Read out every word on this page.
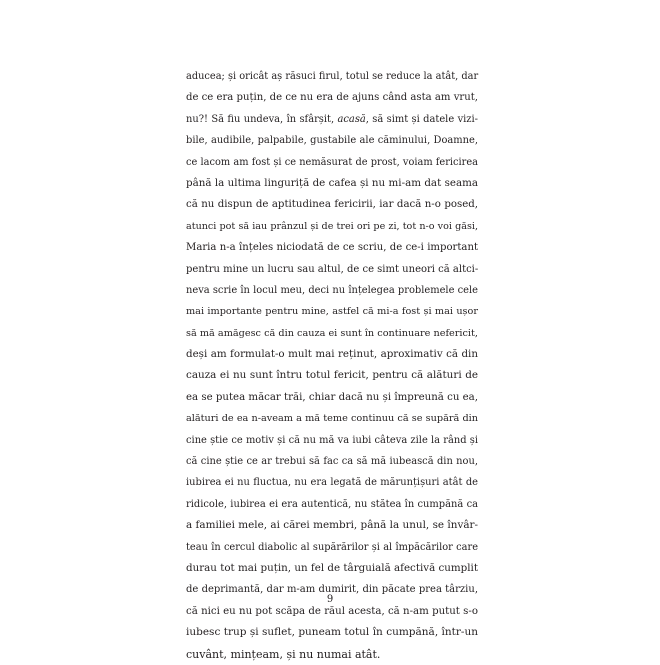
aducea; și oricât aș răsuci firul, totul se reduce la atât, dar
de ce era puțin, de ce nu era de ajuns când asta am vrut,
nu?! Să fiu undeva, în sfârșit, acasă, să simt și datele vizi-
bile, audibile, palpabile, gustabile ale căminului, Doamne,
ce lacom am fost și ce nemăsurat de prost, voiam fericirea
până la ultima linguriță de cafea și nu mi-am dat seama
că nu dispun de aptitudinea fericirii, iar dacă n-o posed,
atunci pot să iau prânzul și de trei ori pe zi, tot n-o voi găsi,
Maria n-a înțeles niciodată de ce scriu, de ce-i important
pentru mine un lucru sau altul, de ce simt uneori că altci-
neva scrie în locul meu, deci nu înțelegea problemele cele
mai importante pentru mine, astfel că mi-a fost și mai ușor
să mă amăgesc că din cauza ei sunt în continuare nefericit,
deși am formulat-o mult mai reținut, aproximativ că din
cauza ei nu sunt întru totul fericit, pentru că alături de
ea se putea măcar trăi, chiar dacă nu și împreună cu ea,
alături de ea n-aveam a mă teme continuu că se supără din
cine știe ce motiv și că nu mă va iubi câteva zile la rând și
că cine știe ce ar trebui să fac ca să mă iubească din nou,
iubirea ei nu fluctua, nu era legată de mărunțișuri atât de
ridicole, iubirea ei era autentică, nu stătea în cumpănă ca
a familiei mele, ai cărei membri, până la unul, se învâr-
teau în cercul diabolic al supărărilor și al împăcărilor care
durau tot mai puțin, un fel de târguială afectivă cumplit
de deprimantă, dar m-am dumirit, din păcate prea târziu,
că nici eu nu pot scăpa de răul acesta, că n-am putut s-o
iubesc trup și suflet, puneam totul în cumpănă, într-un
cuvânt, mințeam, și nu numai atât.
9
